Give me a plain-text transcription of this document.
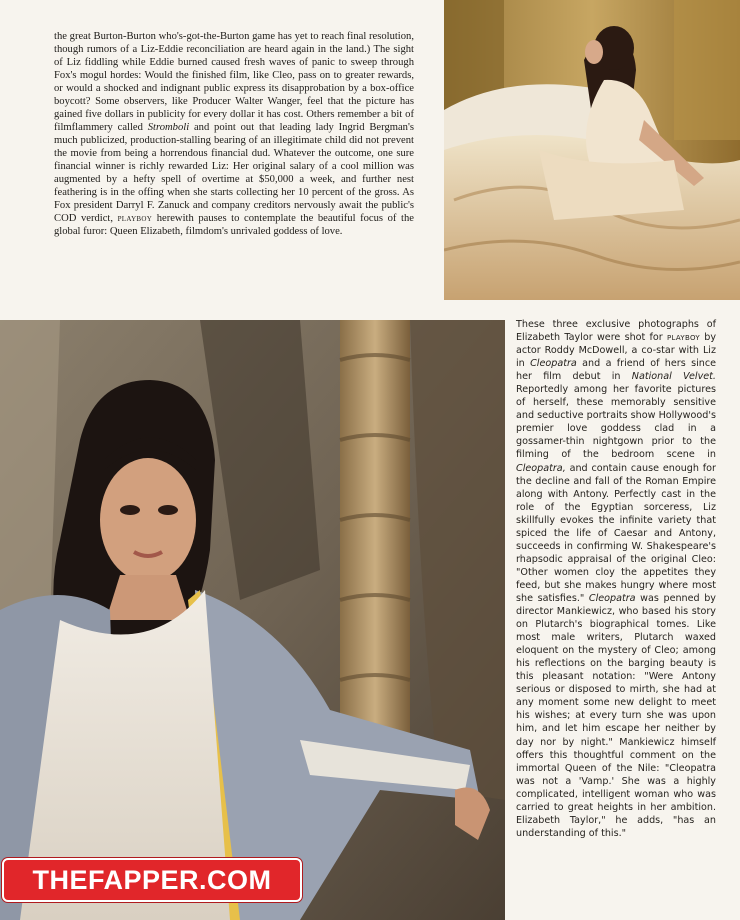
the great Burton-Burton who's-got-the-Burton game has yet to reach final resolution, though rumors of a Liz-Eddie reconciliation are heard again in the land.) The sight of Liz fiddling while Eddie burned caused fresh waves of panic to sweep through Fox's mogul hordes: Would the finished film, like Cleo, pass on to greater rewards, or would a shocked and indignant public express its disapprobation by a box-office boycott? Some observers, like Producer Walter Wanger, feel that the picture has gained five dollars in publicity for every dollar it has cost. Others remember a bit of filmflammery called Stromboli and point out that leading lady Ingrid Bergman's much publicized, production-stalling bearing of an illegitimate child did not prevent the movie from being a horrendous financial dud. Whatever the outcome, one sure financial winner is richly rewarded Liz: Her original salary of a cool million was augmented by a hefty spell of overtime at $50,000 a week, and further nest feathering is in the offing when she starts collecting her 10 percent of the gross. As Fox president Darryl F. Zanuck and company creditors nervously await the public's COD verdict, playboy herewith pauses to contemplate the beautiful focus of the global furor: Queen Elizabeth, filmdom's unrivaled goddess of love.
These three exclusive photographs of Elizabeth Taylor were shot for playboy by actor Roddy McDowell, a co-star with Liz in Cleopatra and a friend of hers since her film debut in National Velvet. Reportedly among her favorite pictures of herself, these memorably sensitive and seductive portraits show Hollywood's premier love goddess clad in a gossamer-thin nightgown prior to the filming of the bedroom scene in Cleopatra, and contain cause enough for the decline and fall of the Roman Empire along with Antony. Perfectly cast in the role of the Egyptian sorceress, Liz skillfully evokes the infinite variety that spiced the life of Caesar and Antony, succeeds in confirming W. Shakespeare's rhapsodic appraisal of the original Cleo: "Other women cloy the appetites they feed, but she makes hungry where most she satisfies." Cleopatra was penned by director Mankiewicz, who based his story on Plutarch's biographical tomes. Like most male writers, Plutarch waxed eloquent on the mystery of Cleo; among his reflections on the barging beauty is this pleasant notation: "Were Antony serious or disposed to mirth, she had at any moment some new delight to meet his wishes; at every turn she was upon him, and let him escape her neither by day nor by night." Mankiewicz himself offers this thoughtful comment on the immortal Queen of the Nile: "Cleopatra was not a 'Vamp.' She was a highly complicated, intelligent woman who was carried to great heights in her ambition. Elizabeth Taylor," he adds, "has an understanding of this."
THEFAPPER.COM
